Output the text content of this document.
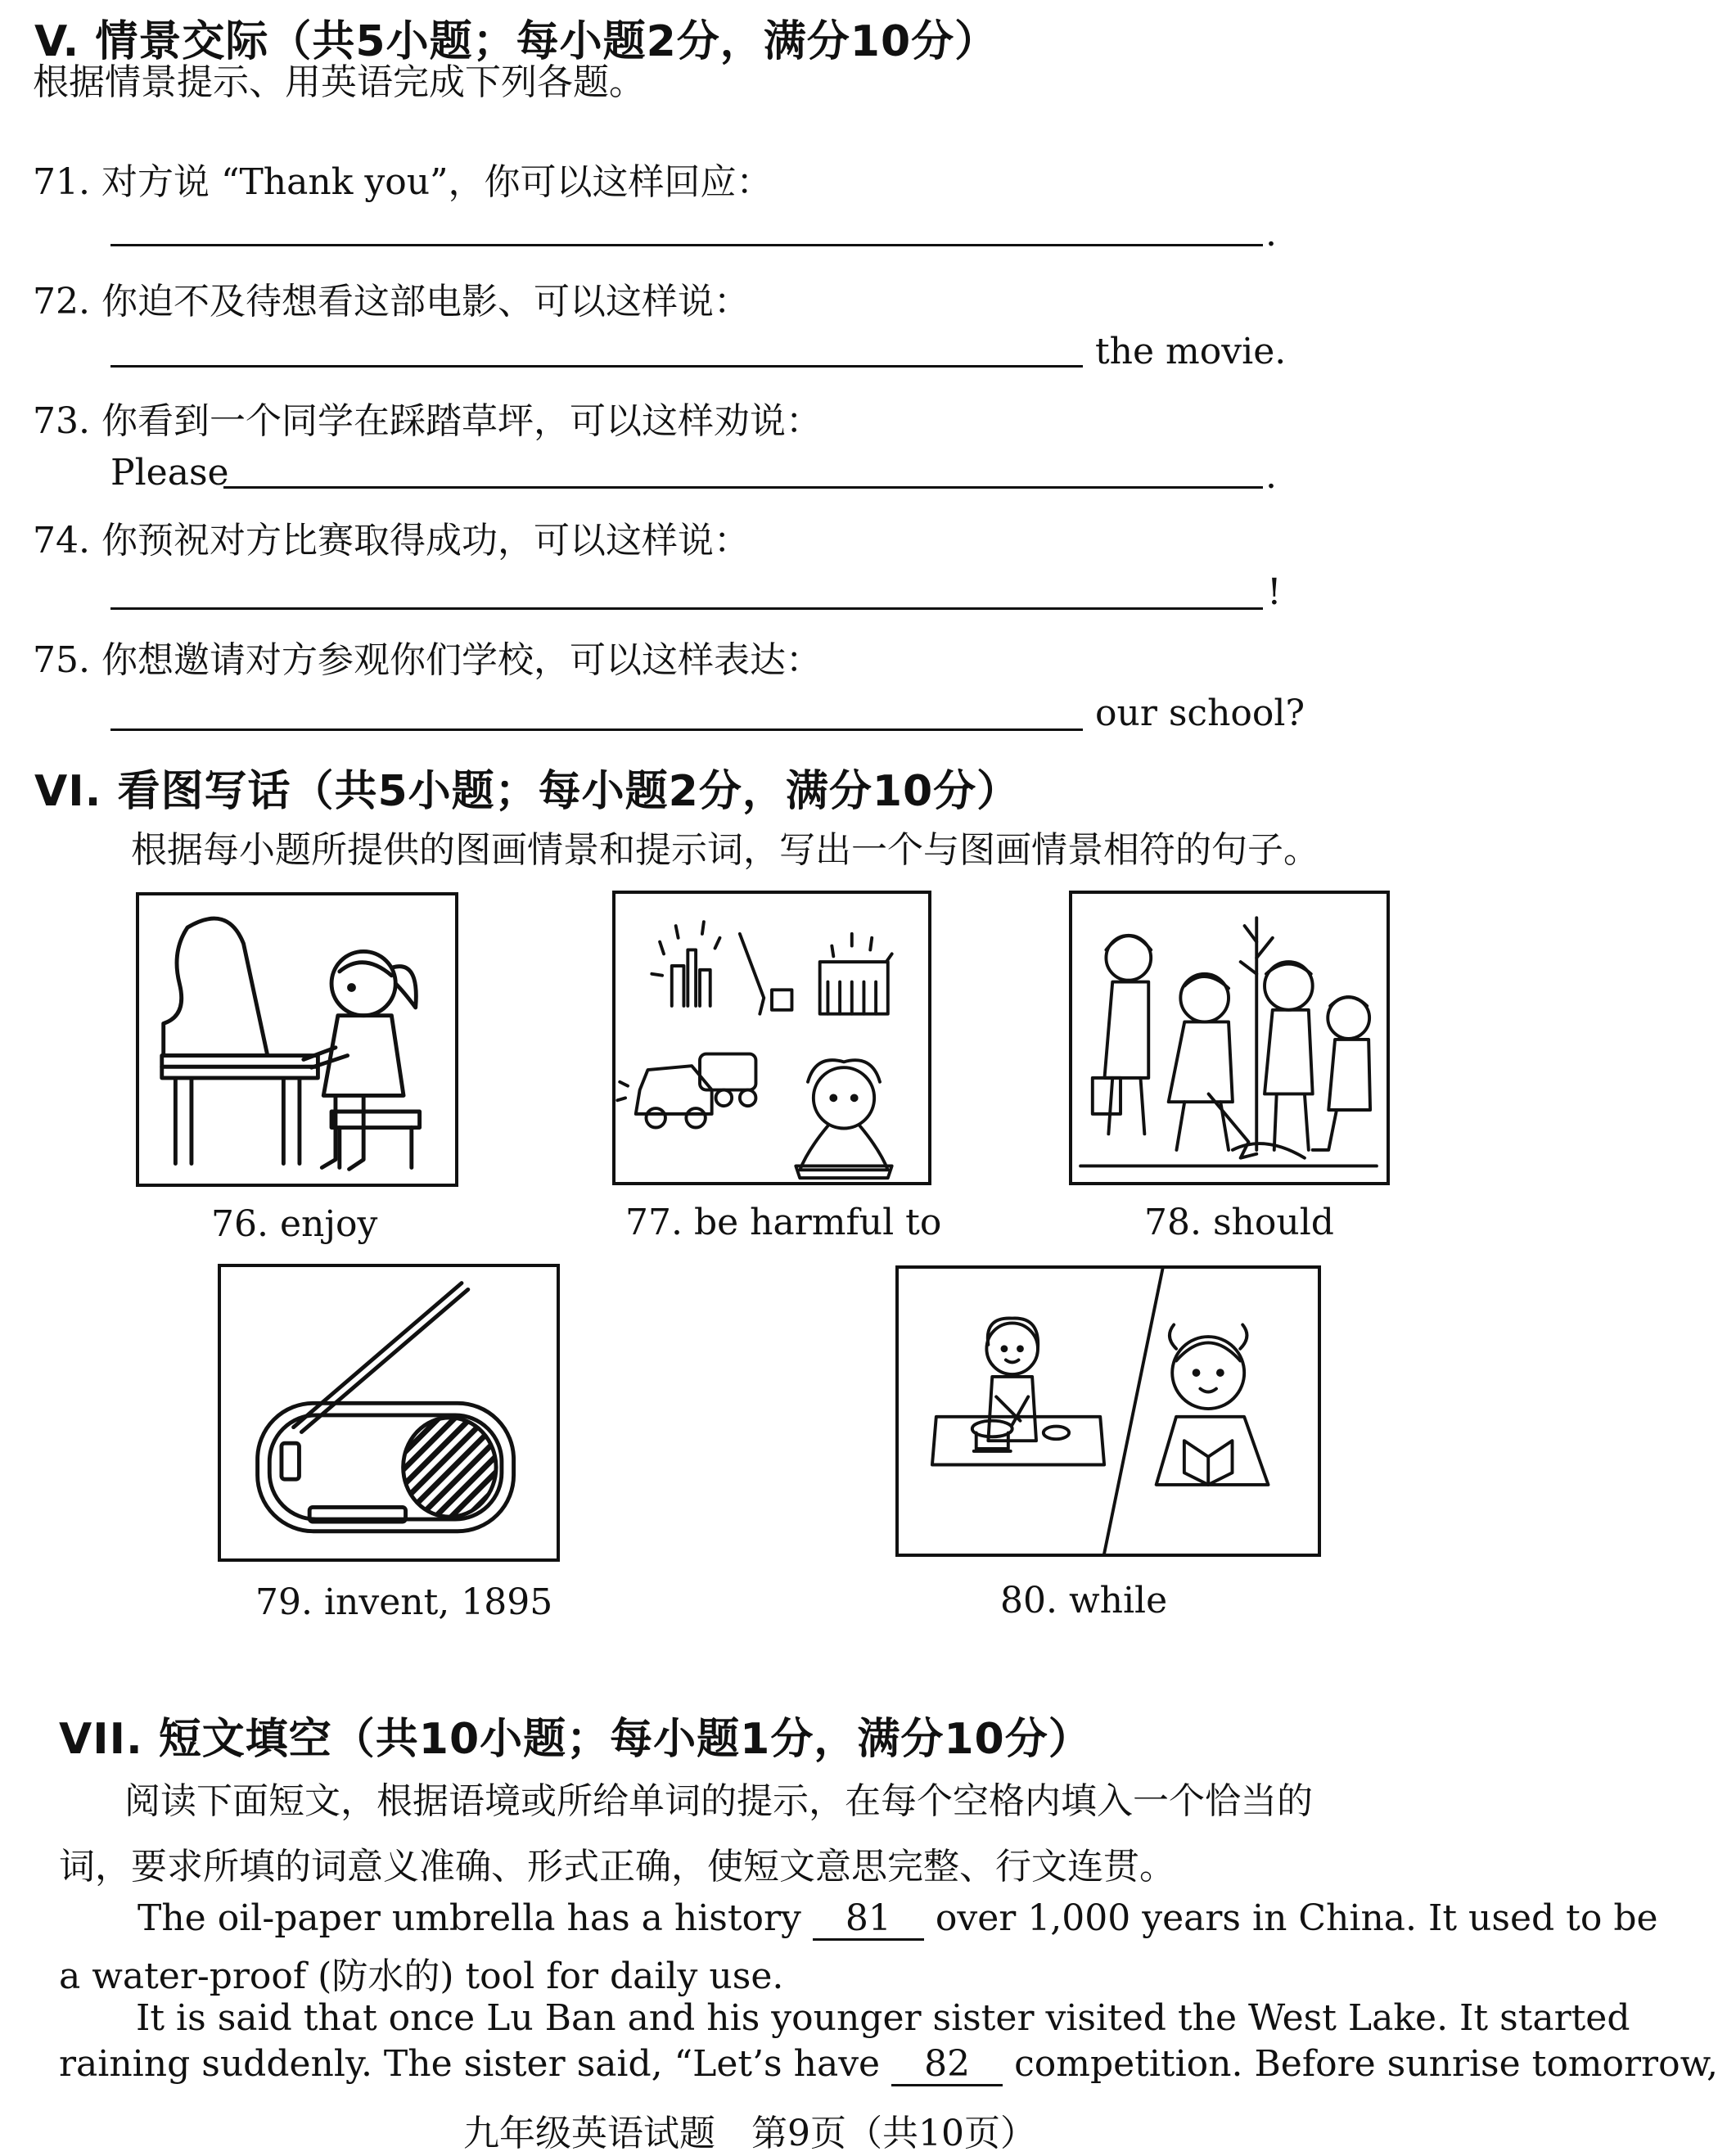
V. 情景交际（共5小题；每小题2分，满分10分）
根据情景提示、用英语完成下列各题。
71. 对方说 “Thank you”，你可以这样回应：
.
72. 你迫不及待想看这部电影、可以这样说：
the movie.
73. 你看到一个同学在踩踏草坪，可以这样劝说：
Please	.
74. 你预祝对方比赛取得成功，可以这样说：
!
75. 你想邀请对方参观你们学校，可以这样表达：
our school?
VI. 看图写话（共5小题；每小题2分，满分10分）
根据每小题所提供的图画情景和提示词，写出一个与图画情景相符的句子。
76. enjoy	77. be harmful to	78. should
79. invent, 1895	80. while
VII. 短文填空（共10小题；每小题1分，满分10分）
阅读下面短文，根据语境或所给单词的提示，在每个空格内填入一个恰当的
词，要求所填的词意义准确、形式正确，使短文意思完整、行文连贯。
The oil-paper umbrella has a history 81 over 1,000 years in China. It used to be
a water-proof (防水的) tool for daily use.
It is said that once Lu Ban and his younger sister visited the West Lake. It started
raining suddenly. The sister said, “Let’s have 82 competition. Before sunrise tomorrow,
九年级英语试题　第9页（共10页）
